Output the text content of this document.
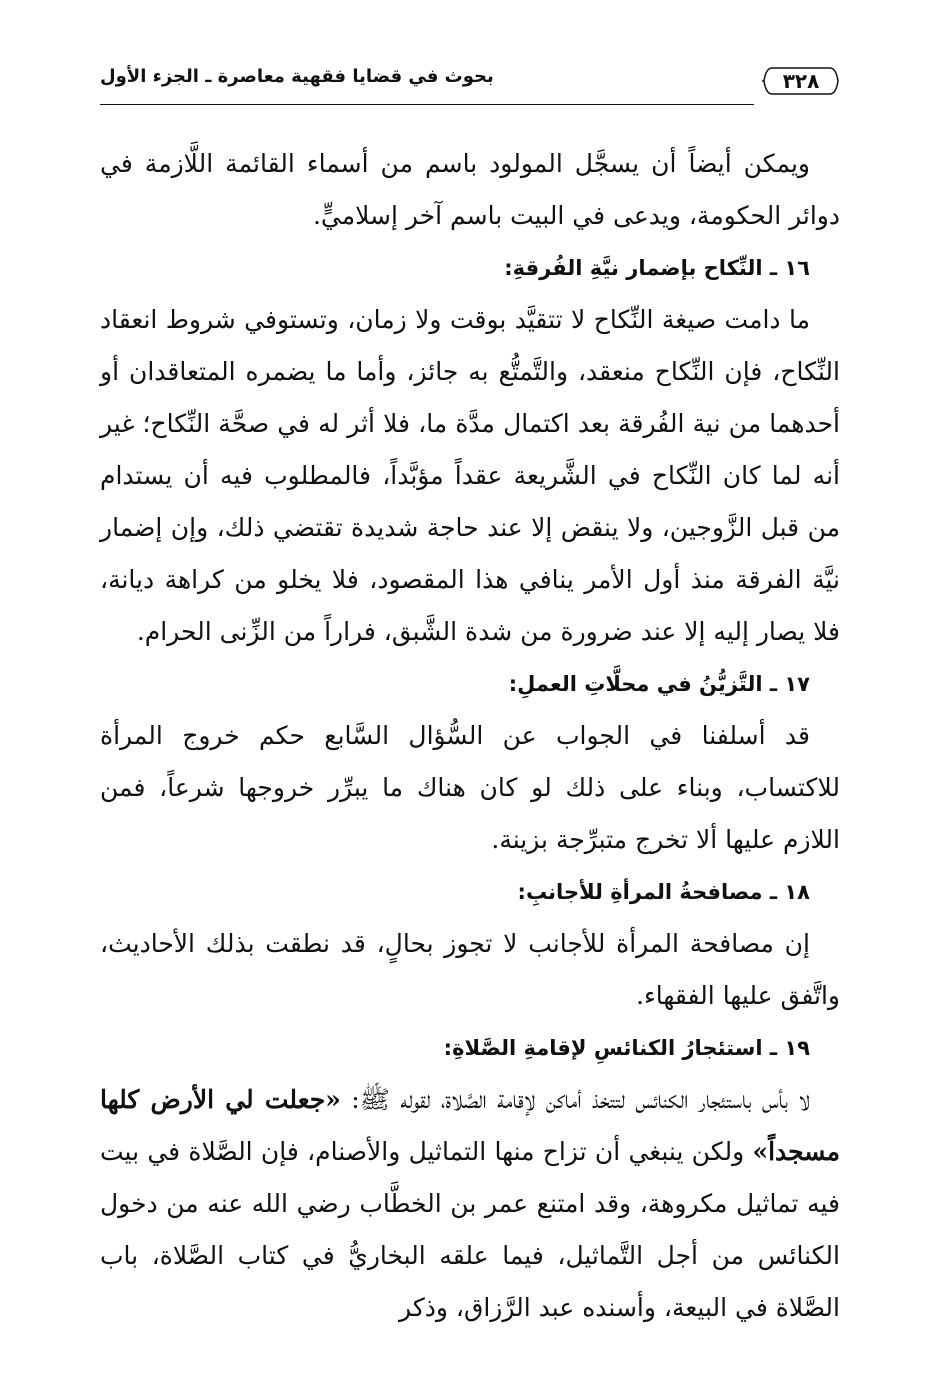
٣٢٨
بحوث في قضايا فقهية معاصرة ـ الجزء الأول

ويمكن أيضاً أن يسجَّل المولود باسم من أسماء القائمة اللَّازمة في دوائر الحكومة، ويدعى في البيت باسم آخر إسلاميٍّ.

١٦ ـ النِّكاح بإضمار نيَّةِ الفُرقةِ:

ما دامت صيغة النِّكاح لا تتقيَّد بوقت ولا زمان، وتستوفي شروط انعقاد النِّكاح، فإن النِّكاح منعقد، والتَّمتُّع به جائز، وأما ما يضمره المتعاقدان أو أحدهما من نية الفُرقة بعد اكتمال مدَّة ما، فلا أثر له في صحَّة النِّكاح؛ غير أنه لما كان النِّكاح في الشَّريعة عقداً مؤبَّداً، فالمطلوب فيه أن يستدام من قبل الزَّوجين، ولا ينقض إلا عند حاجة شديدة تقتضي ذلك، وإن إضمار نيَّة الفرقة منذ أول الأمر ينافي هذا المقصود، فلا يخلو من كراهة ديانة، فلا يصار إليه إلا عند ضرورة من شدة الشَّبق، فراراً من الزِّنى الحرام.

١٧ ـ التَّزيُّنُ في محلَّاتِ العملِ:

قد أسلفنا في الجواب عن السُّؤال السَّابع حكم خروج المرأة للاكتساب، وبناء على ذلك لو كان هناك ما يبرِّر خروجها شرعاً، فمن اللازم عليها ألا تخرج متبرِّجة بزينة.

١٨ ـ مصافحةُ المرأةِ للأجانبِ:

إن مصافحة المرأة للأجانب لا تجوز بحالٍ، قد نطقت بذلك الأحاديث، واتَّفق عليها الفقهاء.

١٩ ـ استئجارُ الكنائسِ لإقامةِ الصَّلاةِ:

لا بأس باستئجار الكنائس لتتخذ أماكن لإقامة الصَّلاة، لقوله ﷺ: «جعلت لي الأرض كلها مسجداً» ولكن ينبغي أن تزاح منها التماثيل والأصنام، فإن الصَّلاة في بيت فيه تماثيل مكروهة، وقد امتنع عمر بن الخطَّاب رضي الله عنه من دخول الكنائس من أجل التَّماثيل، فيما علقه البخاريُّ في كتاب الصَّلاة، باب الصَّلاة في البيعة، وأسنده عبد الرَّزاق، وذكر
